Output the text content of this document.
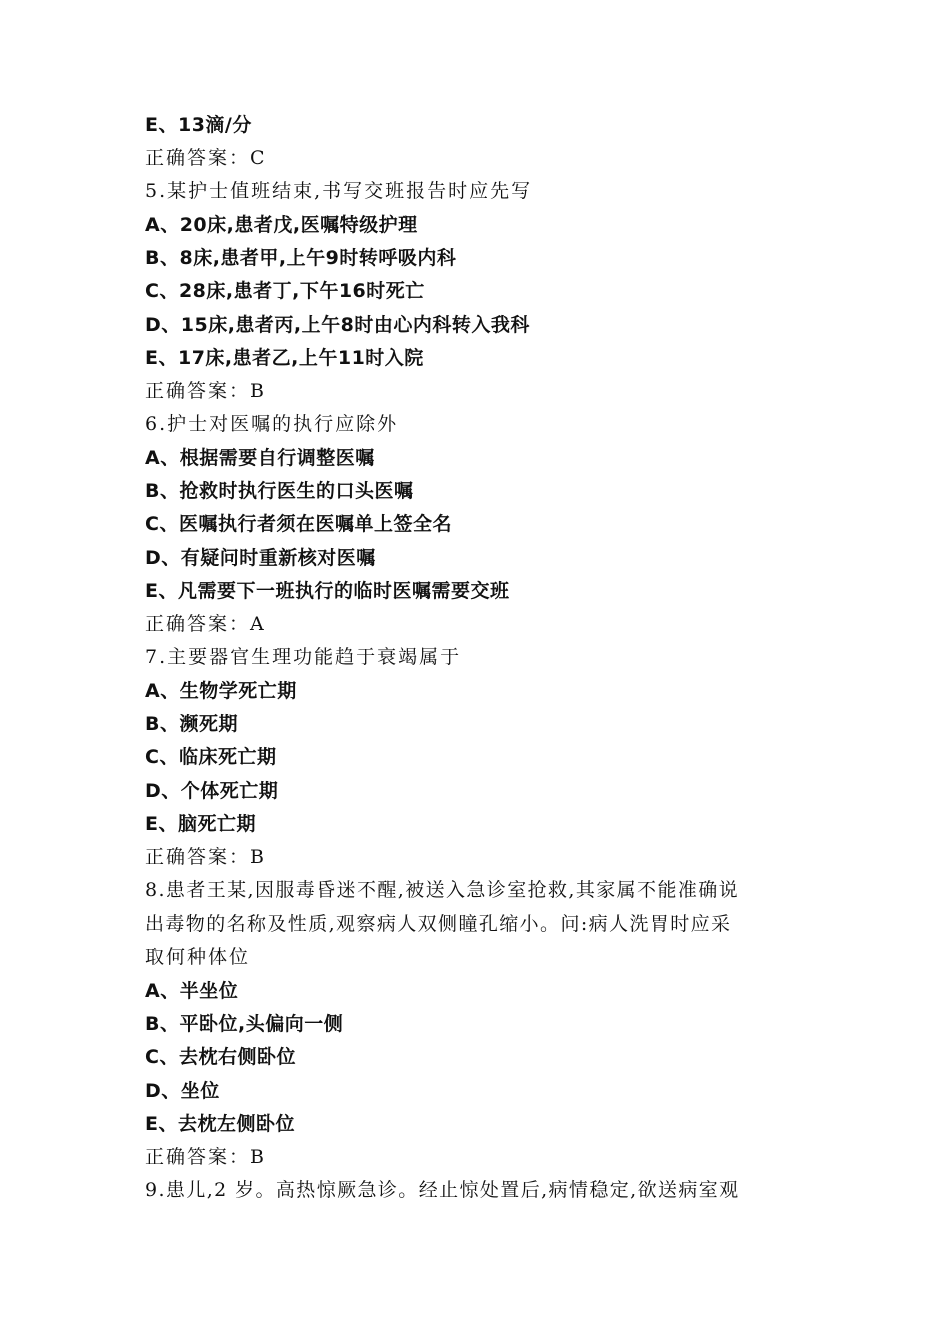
E、13滴/分
正确答案：C
5.某护士值班结束,书写交班报告时应先写
A、20床,患者戊,医嘱特级护理
B、8床,患者甲,上午9时转呼吸内科
C、28床,患者丁,下午16时死亡
D、15床,患者丙,上午8时由心内科转入我科
E、17床,患者乙,上午11时入院
正确答案：B
6.护士对医嘱的执行应除外
A、根据需要自行调整医嘱
B、抢救时执行医生的口头医嘱
C、医嘱执行者须在医嘱单上签全名
D、有疑问时重新核对医嘱
E、凡需要下一班执行的临时医嘱需要交班
正确答案：A
7.主要器官生理功能趋于衰竭属于
A、生物学死亡期
B、濒死期
C、临床死亡期
D、个体死亡期
E、脑死亡期
正确答案：B
8.患者王某,因服毒昏迷不醒,被送入急诊室抢救,其家属不能准确说
出毒物的名称及性质,观察病人双侧瞳孔缩小。问:病人洗胃时应采
取何种体位
A、半坐位
B、平卧位,头偏向一侧
C、去枕右侧卧位
D、坐位
E、去枕左侧卧位
正确答案：B
9.患儿,2 岁。高热惊厥急诊。经止惊处置后,病情稳定,欲送病室观
